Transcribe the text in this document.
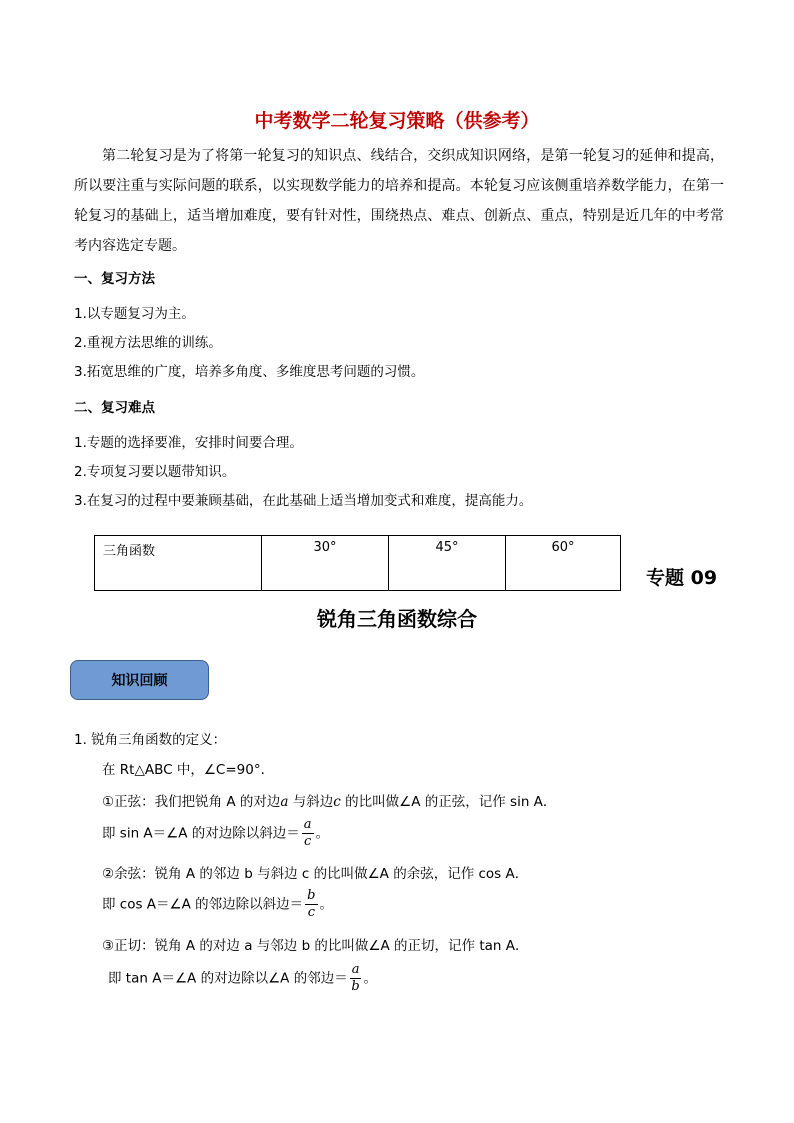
中考数学二轮复习策略（供参考）
第二轮复习是为了将第一轮复习的知识点、线结合，交织成知识网络，是第一轮复习的延伸和提高，所以要注重与实际问题的联系，以实现数学能力的培养和提高。本轮复习应该侧重培养数学能力，在第一轮复习的基础上，适当增加难度，要有针对性，围绕热点、难点、创新点、重点，特别是近几年的中考常考内容选定专题。
一、复习方法
1.以专题复习为主。
2.重视方法思维的训练。
3.拓宽思维的广度，培养多角度、多维度思考问题的习惯。
二、复习难点
1.专题的选择要准，安排时间要合理。
2.专项复习要以题带知识。
3.在复习的过程中要兼顾基础，在此基础上适当增加变式和难度，提高能力。
三角函数	30°	45°	60°
专题 09
锐角三角函数综合
知识回顾
1. 锐角三角函数的定义：
在 Rt△ABC 中，∠C=90°．
①正弦：我们把锐角 A 的对边a 与斜边c 的比叫做∠A 的正弦，记作 sin A．
即 sin A＝∠A 的对边除以斜边＝ $\frac{a}{c}$ 。
②余弦：锐角 A 的邻边 b 与斜边 c 的比叫做∠A 的余弦，记作 cos A．
即 cos A＝∠A 的邻边除以斜边＝ $\frac{b}{c}$ 。
③正切：锐角 A 的对边 a 与邻边 b 的比叫做∠A 的正切，记作 tan A．
即 tan A＝∠A 的对边除以∠A 的邻边＝ $\frac{a}{b}$ 。
